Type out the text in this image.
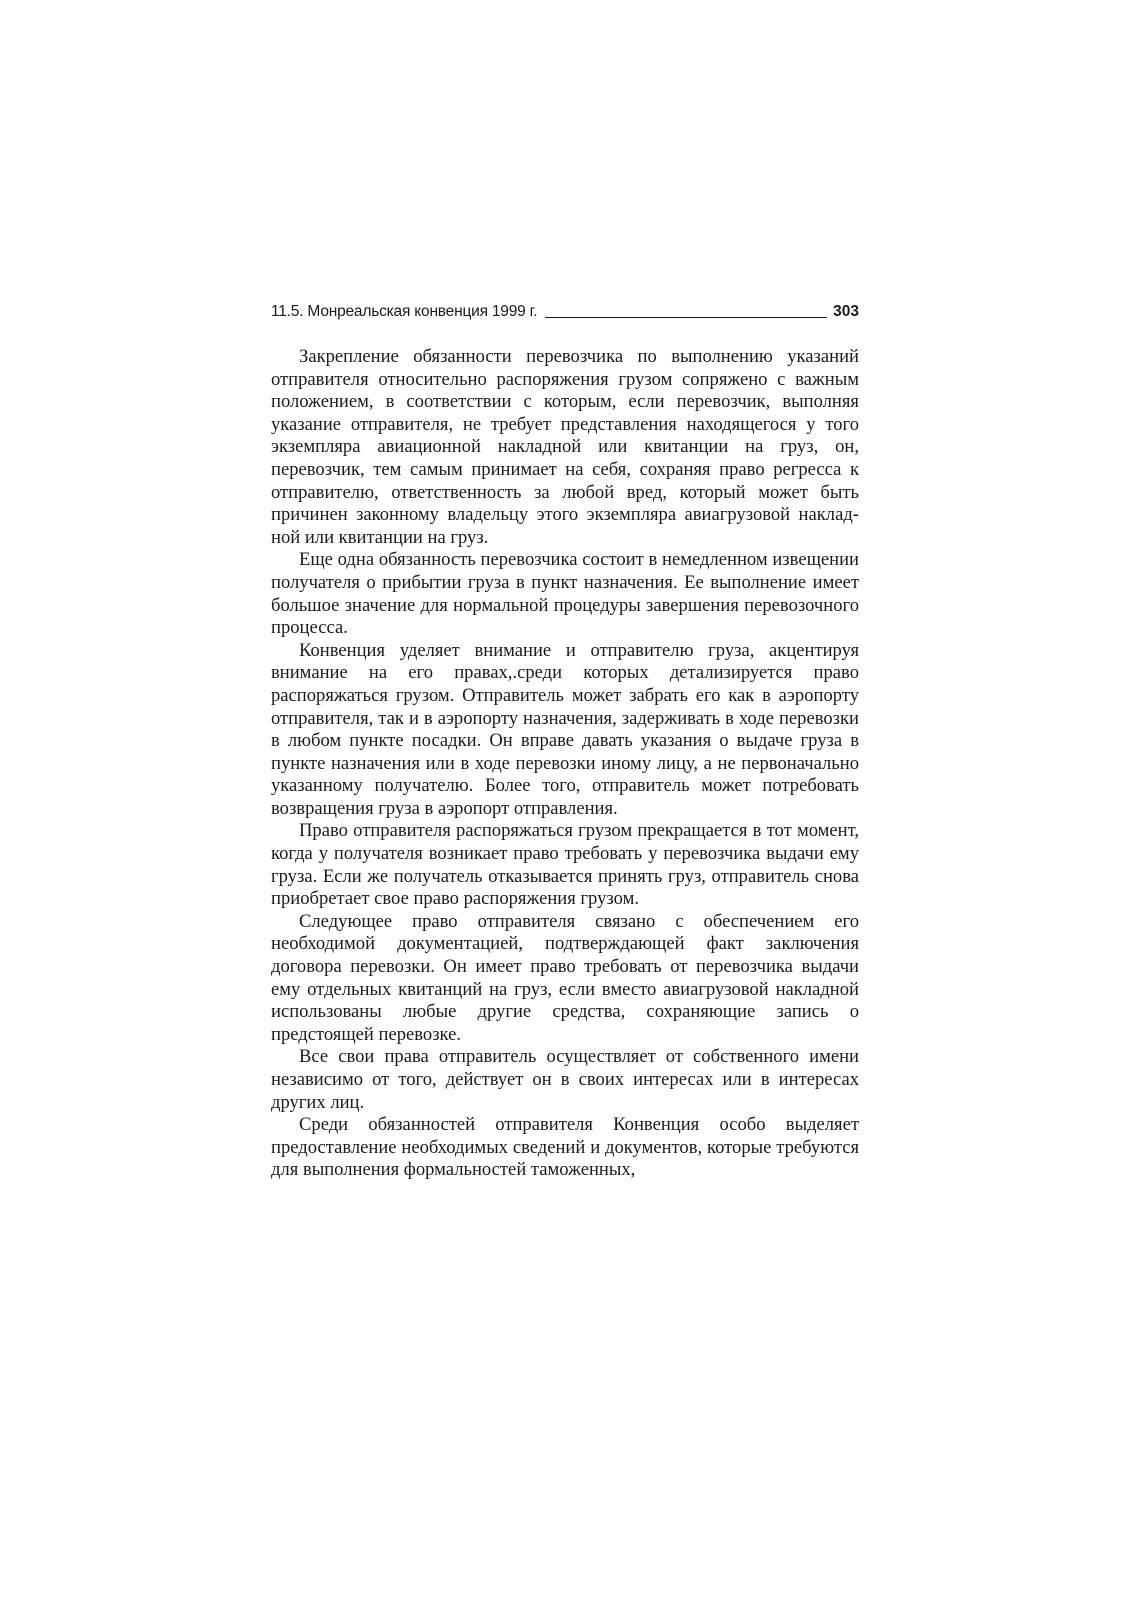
11.5. Монреальская конвенция 1999 г.	303

Закрепление обязанности перевозчика по выполнению указаний отправителя относительно распоряжения грузом сопряжено с важным положением, в соответствии с которым, если перевозчик, выполняя указание отправителя, не требует представления находящегося у того экземпляра авиационной накладной или квитанции на груз, он, перевозчик, тем самым принимает на себя, сохраняя право регресса к отправителю, ответственность за любой вред, который может быть причинен законному владельцу этого экземпляра авиагрузовой накладной или квитанции на груз.

Еще одна обязанность перевозчика состоит в немедленном извещении получателя о прибытии груза в пункт назначения. Ее выполнение имеет большое значение для нормальной процедуры завершения перевозочного процесса.

Конвенция уделяет внимание и отправителю груза, акцентируя внимание на его правах,.среди которых детализируется право распоряжаться грузом. Отправитель может забрать его как в аэропорту отправителя, так и в аэропорту назначения, задерживать в ходе перевозки в любом пункте посадки. Он вправе давать указания о выдаче груза в пункте назначения или в ходе перевозки иному лицу, а не первоначально указанному получателю. Более того, отправитель может потребовать возвращения груза в аэропорт отправления.

Право отправителя распоряжаться грузом прекращается в тот момент, когда у получателя возникает право требовать у перевозчика выдачи ему груза. Если же получатель отказывается принять груз, отправитель снова приобретает свое право распоряжения грузом.

Следующее право отправителя связано с обеспечением его необходимой документацией, подтверждающей факт заключения договора перевозки. Он имеет право требовать от перевозчика выдачи ему отдельных квитанций на груз, если вместо авиагрузовой накладной использованы любые другие средства, сохраняющие запись о предстоящей перевозке.

Все свои права отправитель осуществляет от собственного имени независимо от того, действует он в своих интересах или в интересах других лиц.

Среди обязанностей отправителя Конвенция особо выделяет предоставление необходимых сведений и документов, которые требуются для выполнения формальностей таможенных,
